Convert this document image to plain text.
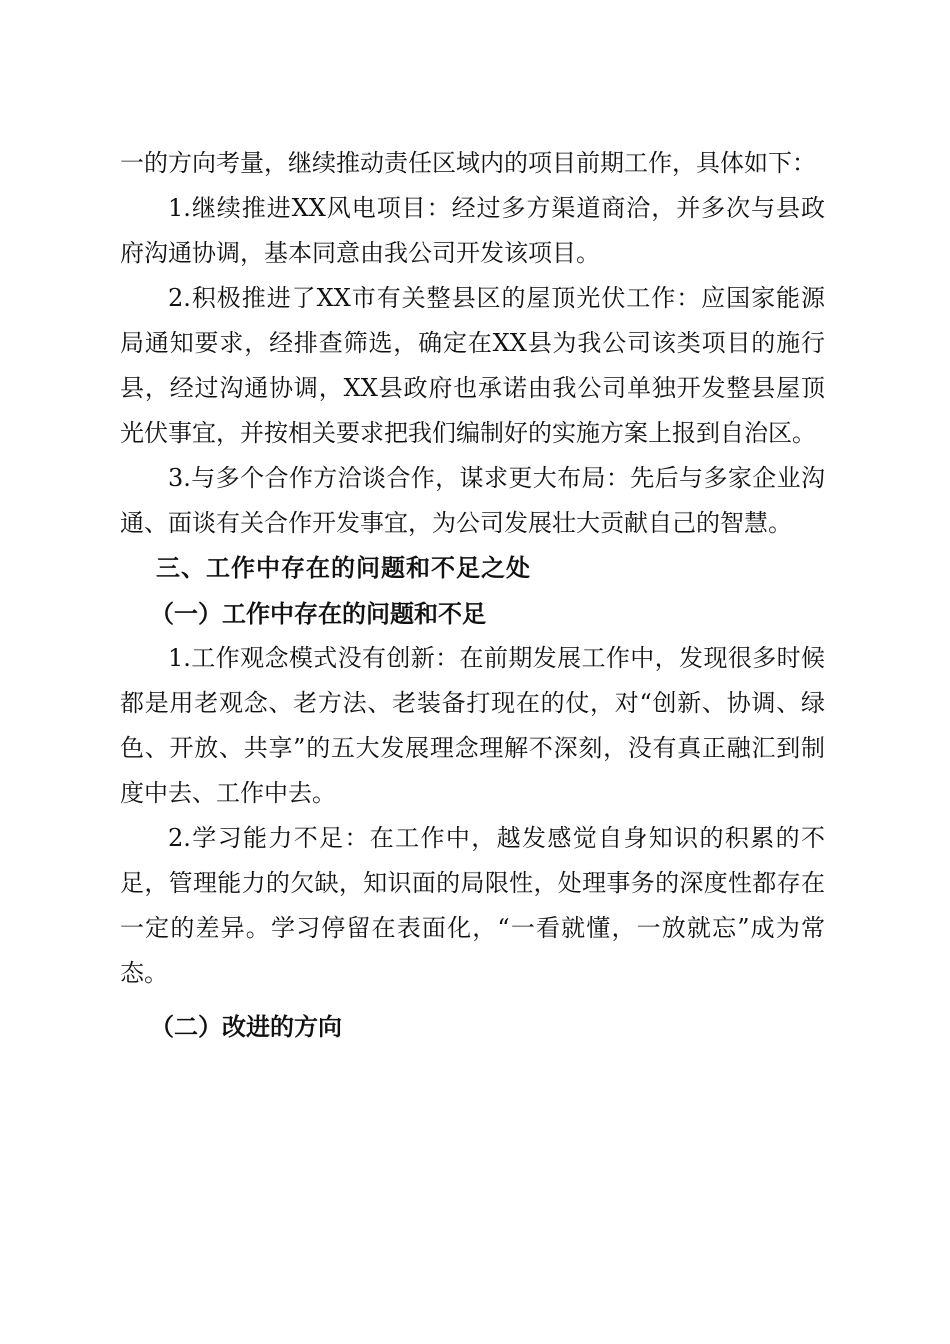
一的方向考量，继续推动责任区域内的项目前期工作，具体如下：

1.继续推进XX风电项目：经过多方渠道商洽，并多次与县政府沟通协调，基本同意由我公司开发该项目。

2.积极推进了XX市有关整县区的屋顶光伏工作：应国家能源局通知要求，经排查筛选，确定在XX县为我公司该类项目的施行县，经过沟通协调，XX县政府也承诺由我公司单独开发整县屋顶光伏事宜，并按相关要求把我们编制好的实施方案上报到自治区。

3.与多个合作方洽谈合作，谋求更大布局：先后与多家企业沟通、面谈有关合作开发事宜，为公司发展壮大贡献自己的智慧。

三、工作中存在的问题和不足之处
（一）工作中存在的问题和不足

1.工作观念模式没有创新：在前期发展工作中，发现很多时候都是用老观念、老方法、老装备打现在的仗，对“创新、协调、绿色、开放、共享”的五大发展理念理解不深刻，没有真正融汇到制度中去、工作中去。

2.学习能力不足：在工作中，越发感觉自身知识的积累的不足，管理能力的欠缺，知识面的局限性，处理事务的深度性都存在一定的差异。学习停留在表面化，“一看就懂，一放就忘”成为常态。

（二）改进的方向
